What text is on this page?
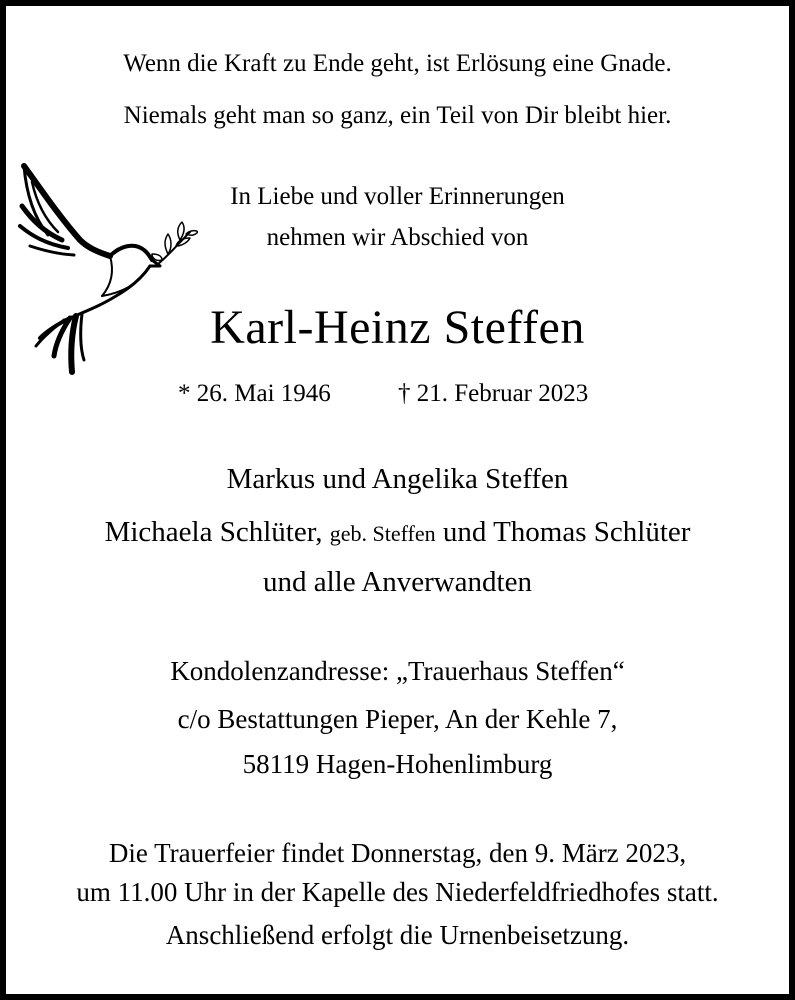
Wenn die Kraft zu Ende geht, ist Erlösung eine Gnade.
Niemals geht man so ganz, ein Teil von Dir bleibt hier.
In Liebe und voller Erinnerungen
nehmen wir Abschied von
Karl-Heinz Steffen
* 26. Mai 1946	† 21. Februar 2023
Markus und Angelika Steffen
Michaela Schlüter, geb. Steffen und Thomas Schlüter
und alle Anverwandten
Kondolenzandresse: „Trauerhaus Steffen“
c/o Bestattungen Pieper, An der Kehle 7,
58119 Hagen-Hohenlimburg
Die Trauerfeier findet Donnerstag, den 9. März 2023,
um 11.00 Uhr in der Kapelle des Niederfeldfriedhofes statt.
Anschließend erfolgt die Urnenbeisetzung.
